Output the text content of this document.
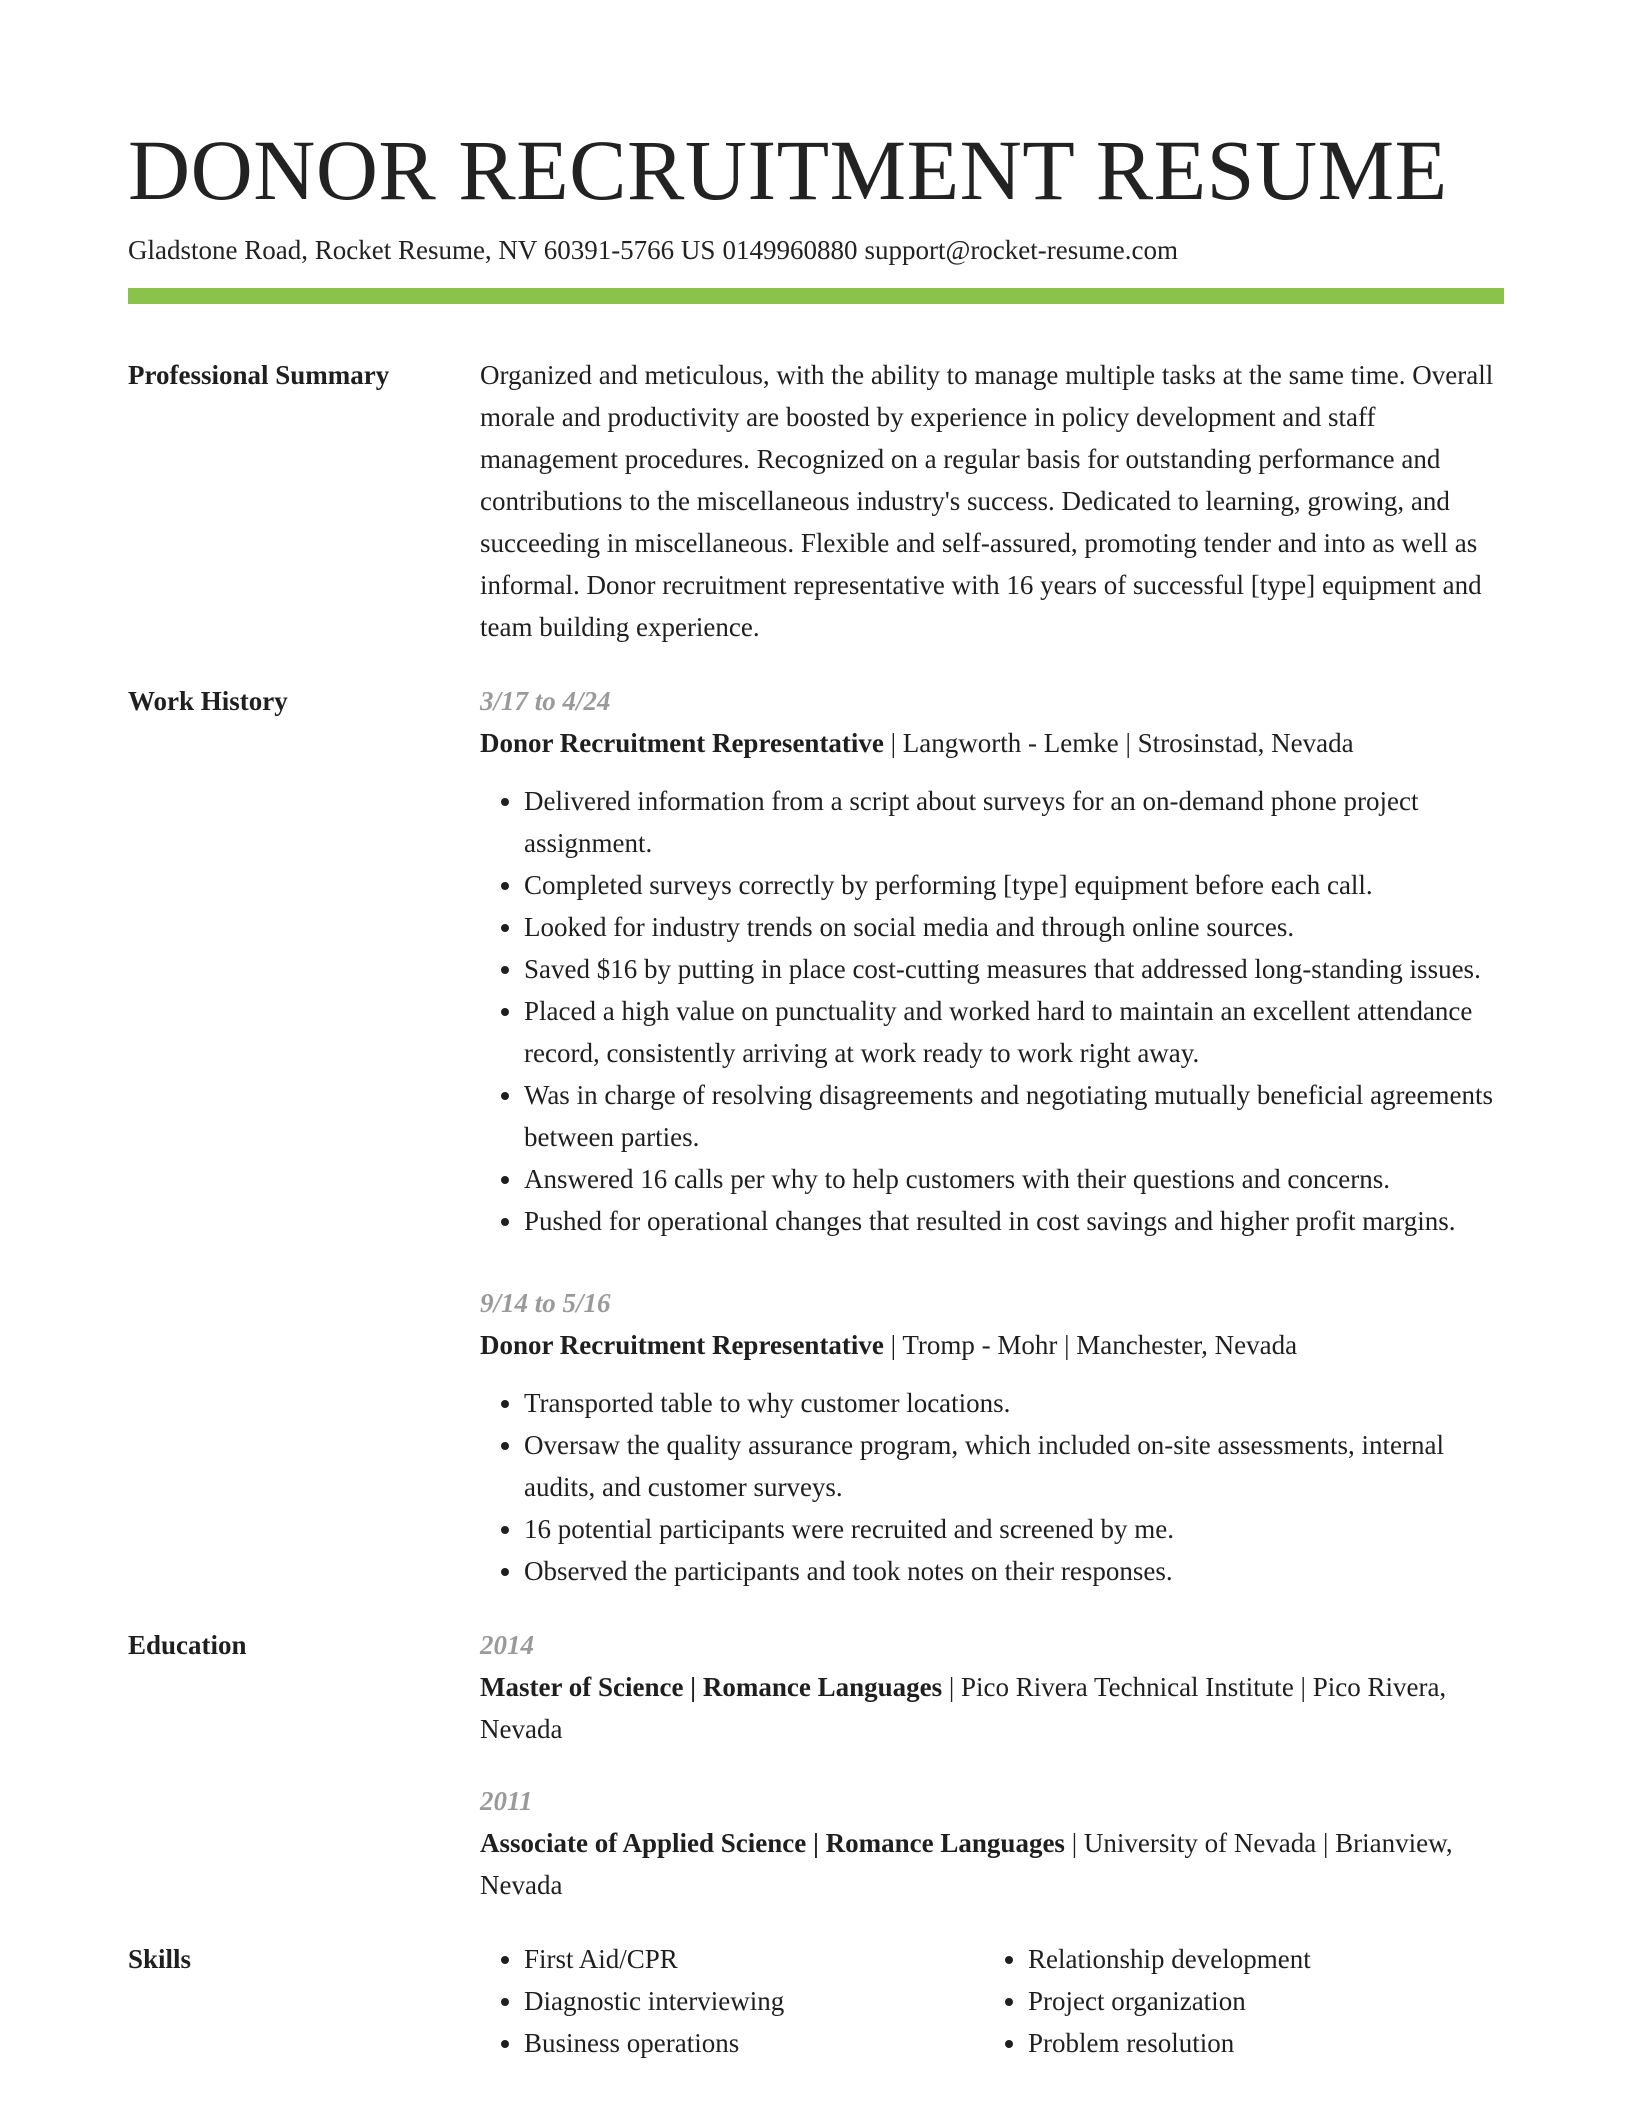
DONOR RECRUITMENT RESUME
Gladstone Road, Rocket Resume, NV 60391-5766 US 0149960880 support@rocket-resume.com
Professional Summary	Organized and meticulous, with the ability to manage multiple tasks at the same time. Overall morale and productivity are boosted by experience in policy development and staff management procedures. Recognized on a regular basis for outstanding performance and contributions to the miscellaneous industry's success. Dedicated to learning, growing, and succeeding in miscellaneous. Flexible and self-assured, promoting tender and into as well as informal. Donor recruitment representative with 16 years of successful [type] equipment and team building experience.
Work History	3/17 to 4/24
Donor Recruitment Representative | Langworth - Lemke | Strosinstad, Nevada
• Delivered information from a script about surveys for an on-demand phone project assignment.
• Completed surveys correctly by performing [type] equipment before each call.
• Looked for industry trends on social media and through online sources.
• Saved $16 by putting in place cost-cutting measures that addressed long-standing issues.
• Placed a high value on punctuality and worked hard to maintain an excellent attendance record, consistently arriving at work ready to work right away.
• Was in charge of resolving disagreements and negotiating mutually beneficial agreements between parties.
• Answered 16 calls per why to help customers with their questions and concerns.
• Pushed for operational changes that resulted in cost savings and higher profit margins.
9/14 to 5/16
Donor Recruitment Representative | Tromp - Mohr | Manchester, Nevada
• Transported table to why customer locations.
• Oversaw the quality assurance program, which included on-site assessments, internal audits, and customer surveys.
• 16 potential participants were recruited and screened by me.
• Observed the participants and took notes on their responses.
Education	2014
Master of Science | Romance Languages | Pico Rivera Technical Institute | Pico Rivera, Nevada
2011
Associate of Applied Science | Romance Languages | University of Nevada | Brianview, Nevada
Skills
•	First Aid/CPR
• Diagnostic interviewing
• Business operations
• Relationship development
• Project organization
• Problem resolution
